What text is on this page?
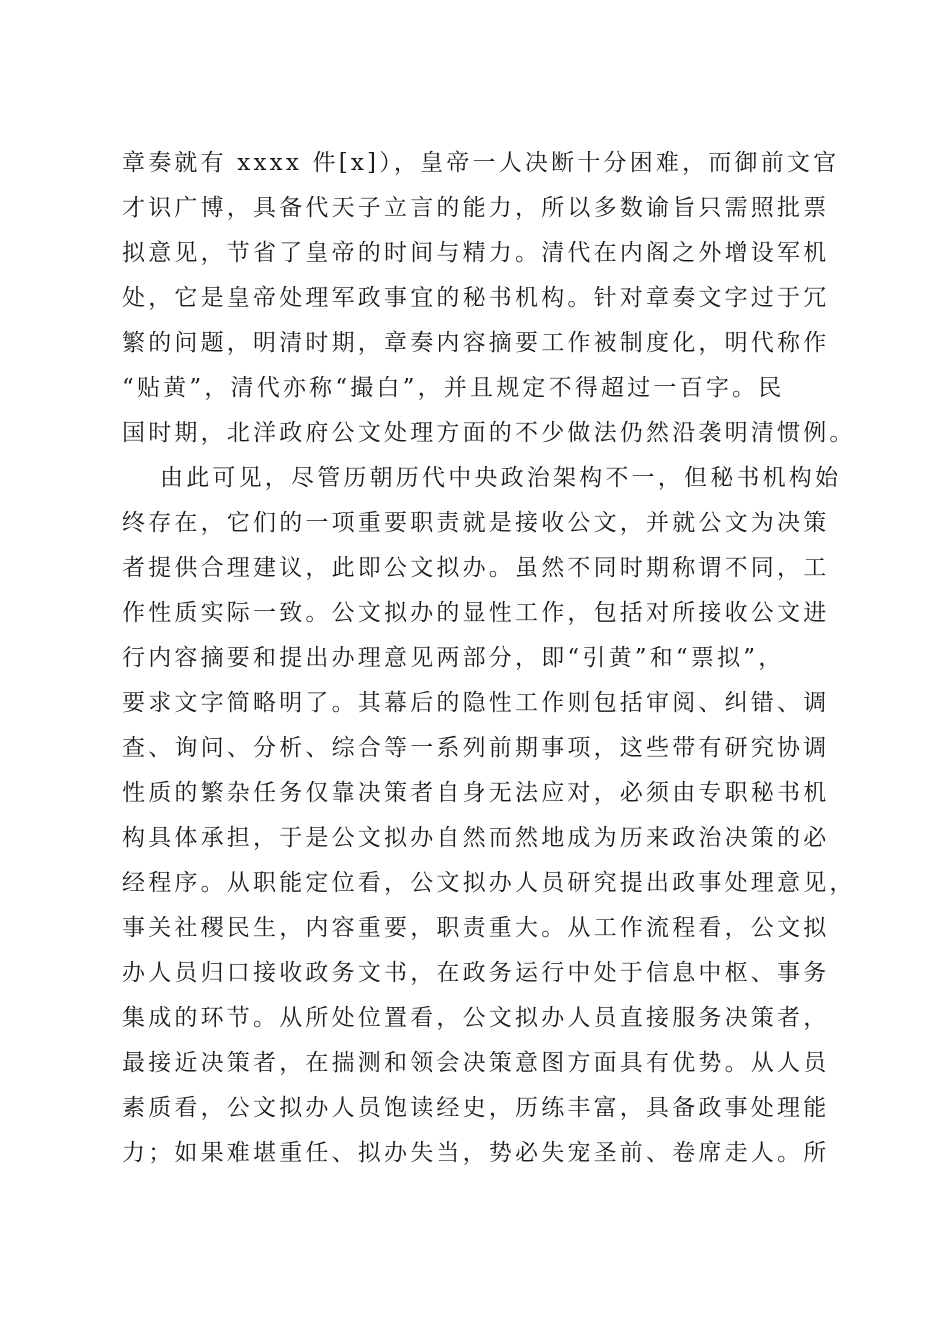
章奏就有 xxxx 件[x]），皇帝一人决断十分困难，而御前文官
才识广博，具备代天子立言的能力，所以多数谕旨只需照批票
拟意见，节省了皇帝的时间与精力。清代在内阁之外增设军机
处，它是皇帝处理军政事宜的秘书机构。针对章奏文字过于冗
繁的问题，明清时期，章奏内容摘要工作被制度化，明代称作
“贴黄”，清代亦称“撮白”，并且规定不得超过一百字。民
国时期，北洋政府公文处理方面的不少做法仍然沿袭明清惯例。
由此可见，尽管历朝历代中央政治架构不一，但秘书机构始
终存在，它们的一项重要职责就是接收公文，并就公文为决策
者提供合理建议，此即公文拟办。虽然不同时期称谓不同，工
作性质实际一致。公文拟办的显性工作，包括对所接收公文进
行内容摘要和提出办理意见两部分，即“引黄”和“票拟”，
要求文字简略明了。其幕后的隐性工作则包括审阅、纠错、调
查、询问、分析、综合等一系列前期事项，这些带有研究协调
性质的繁杂任务仅靠决策者自身无法应对，必须由专职秘书机
构具体承担，于是公文拟办自然而然地成为历来政治决策的必
经程序。从职能定位看，公文拟办人员研究提出政事处理意见，
事关社稷民生，内容重要，职责重大。从工作流程看，公文拟
办人员归口接收政务文书，在政务运行中处于信息中枢、事务
集成的环节。从所处位置看，公文拟办人员直接服务决策者，
最接近决策者，在揣测和领会决策意图方面具有优势。从人员
素质看，公文拟办人员饱读经史，历练丰富，具备政事处理能
力；如果难堪重任、拟办失当，势必失宠圣前、卷席走人。所
